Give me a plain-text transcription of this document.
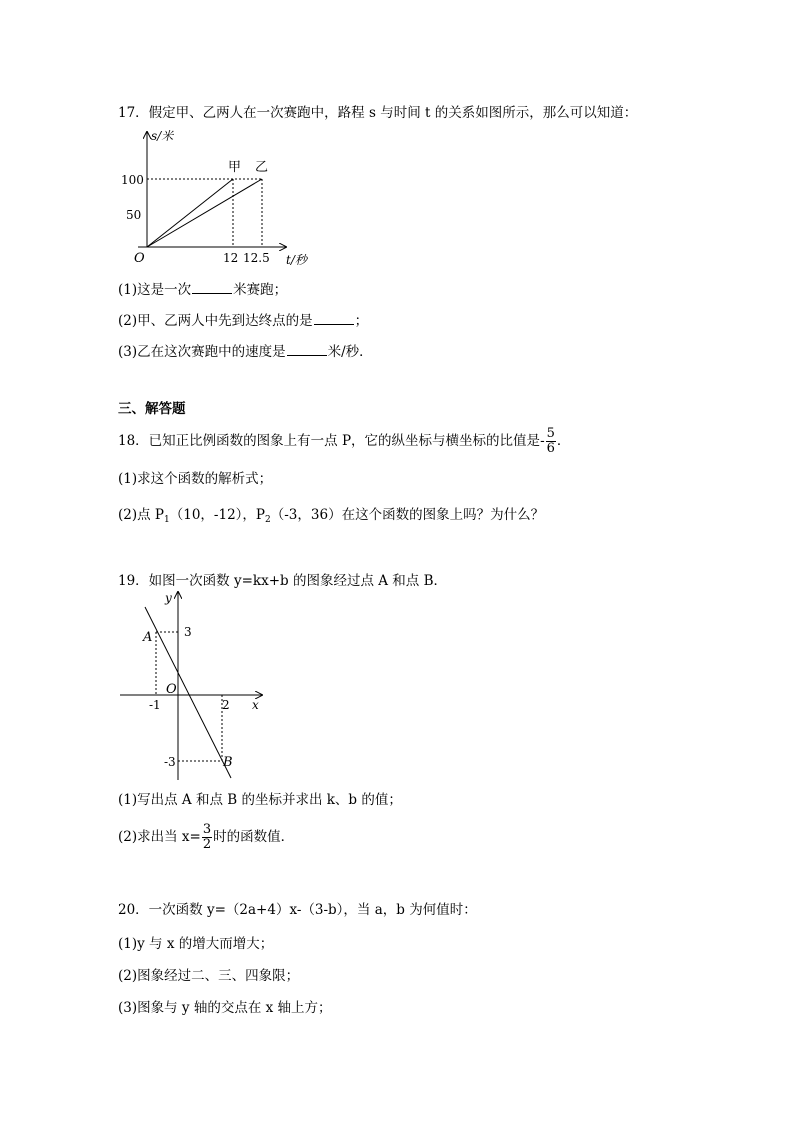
17．假定甲、乙两人在一次赛跑中，路程 s 与时间 t 的关系如图所示，那么可以知道：
s/米
t/秒
O
100
50
12 12.5
甲 乙
(1)这是一次	米赛跑；
(2)甲、乙两人中先到达终点的是	；
(3)乙在这次赛跑中的速度是	米/秒．
三、解答题
18．已知正比例函数的图象上有一点 P，它的纵坐标与横坐标的比值是- $\frac{5}{6}$ ．
(1)求这个函数的解析式；
(2)点 $P_1(10$，-12），$P_2(-3$，36）在这个函数的图象上吗？为什么？
19．如图一次函数 y=kx+b 的图象经过点 A 和点 B．
y
x
O
A
B
3
-3
-1	2
(1)写出点 A 和点 B 的坐标并求出 k、b 的值；
(2)求出当 $x= \frac{3}{2}$ 时的函数值．
20．一次函数 y=（2a+4）x-（3-b），当 a，b 为何值时：
(1)y 与 x 的增大而增大；
(2)图象经过二、三、四象限；
(3)图象与 y 轴的交点在 x 轴上方；
